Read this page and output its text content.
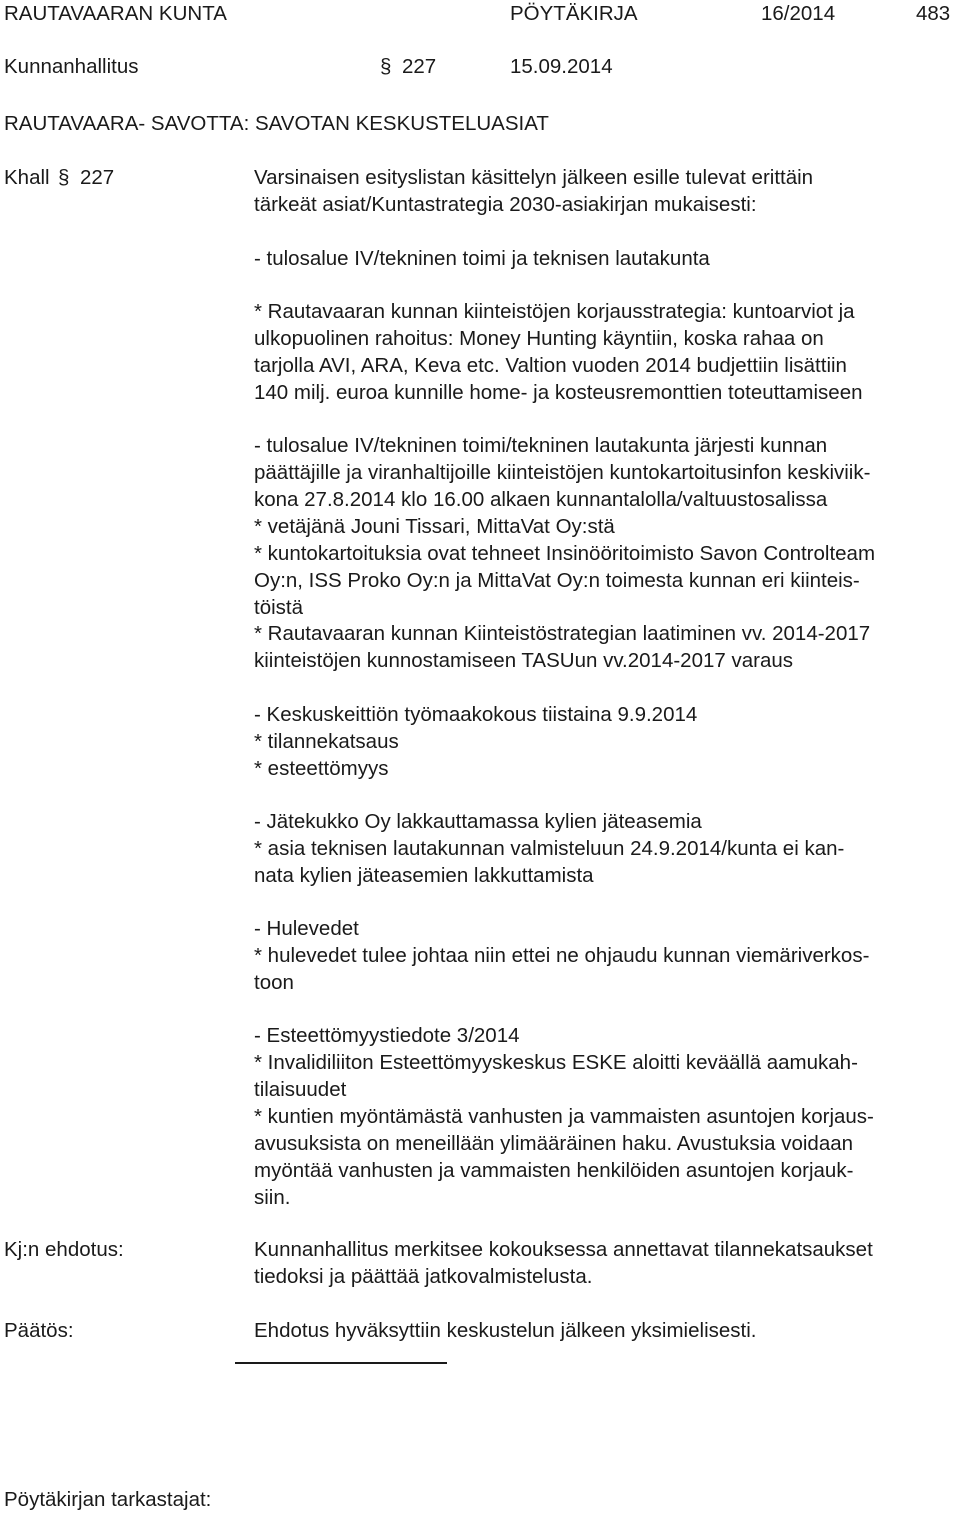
RAUTAVAARAN KUNTA	PÖYTÄKIRJA	16/2014	483
Kunnanhallitus	§ 227	15.09.2014
RAUTAVAARA- SAVOTTA: SAVOTAN KESKUSTELUASIAT
Khall § 227	Varsinaisen esityslistan käsittelyn jälkeen esille tulevat erittäin
tärkeät asiat/Kuntastrategia 2030-asiakirjan mukaisesti:
- tulosalue IV/tekninen toimi ja teknisen lautakunta
* Rautavaaran kunnan kiinteistöjen korjausstrategia: kuntoarviot ja
ulkopuolinen rahoitus: Money Hunting käyntiin, koska rahaa on
tarjolla AVI, ARA, Keva etc. Valtion vuoden 2014 budjettiin lisättiin
140 milj. euroa kunnille home- ja kosteusremonttien toteuttamiseen
- tulosalue IV/tekninen toimi/tekninen lautakunta järjesti kunnan
päättäjille ja viranhaltijoille kiinteistöjen kuntokartoitusinfon keskiviik-
kona 27.8.2014 klo 16.00 alkaen kunnantalolla/valtuustosalissa
* vetäjänä Jouni Tissari, MittaVat Oy:stä
* kuntokartoituksia ovat tehneet Insinööritoimisto Savon Controlteam
Oy:n, ISS Proko Oy:n ja MittaVat Oy:n toimesta kunnan eri kiinteis-
töistä
* Rautavaaran kunnan Kiinteistöstrategian laatiminen vv. 2014-2017
kiinteistöjen kunnostamiseen TASUun vv.2014-2017 varaus
- Keskuskeittiön työmaakokous tiistaina 9.9.2014
* tilannekatsaus
* esteettömyys
- Jätekukko Oy lakkauttamassa kylien jäteasemia
* asia teknisen lautakunnan valmisteluun 24.9.2014/kunta ei kan-
nata kylien jäteasemien lakkuttamista
- Hulevedet
* hulevedet tulee johtaa niin ettei ne ohjaudu kunnan viemäriverkos-
toon
- Esteettömyystiedote 3/2014
* Invalidiliiton Esteettömyyskeskus ESKE aloitti keväällä aamukah-
tilaisuudet
* kuntien myöntämästä vanhusten ja vammaisten asuntojen korjaus-
avusuksista on meneillään ylimääräinen haku. Avustuksia voidaan
myöntää vanhusten ja vammaisten henkilöiden asuntojen korjauk-
siin.
Kj:n ehdotus:	Kunnanhallitus merkitsee kokouksessa annettavat tilannekatsaukset
tiedoksi ja päättää jatkovalmistelusta.
Päätös:	Ehdotus hyväksyttiin keskustelun jälkeen yksimielisesti.
Pöytäkirjan tarkastajat:
